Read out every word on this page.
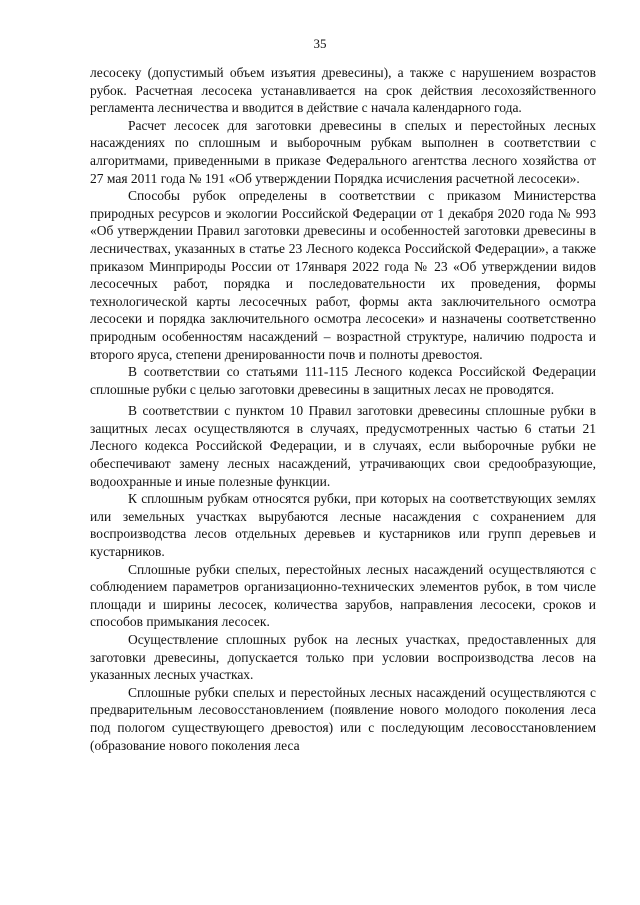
35

лесосеку (допустимый объем изъятия древесины), а также с нарушением возрастов рубок. Расчетная лесосека устанавливается на срок действия лесохозяйственного регламента лесничества и вводится в действие с начала календарного года.

Расчет лесосек для заготовки древесины в спелых и перестойных лесных насаждениях по сплошным и выборочным рубкам выполнен в соответствии с алгоритмами, приведенными в приказе Федерального агентства лесного хозяйства от 27 мая 2011 года № 191 «Об утверждении Порядка исчисления расчетной лесосеки».

Способы рубок определены в соответствии с приказом Министерства природных ресурсов и экологии Российской Федерации от 1 декабря 2020 года № 993 «Об утверждении Правил заготовки древесины и особенностей заготовки древесины в лесничествах, указанных в статье 23 Лесного кодекса Российской Федерации», а также приказом Минприроды России от 17января 2022 года № 23 «Об утверждении видов лесосечных работ, порядка и последовательности их проведения, формы технологической карты лесосечных работ, формы акта заключительного осмотра лесосеки и порядка заключительного осмотра лесосеки» и назначены соответственно природным особенностям насаждений – возрастной структуре, наличию подроста и второго яруса, степени дренированности почв и полноты древостоя.

В соответствии со статьями 111-115 Лесного кодекса Российской Федерации сплошные рубки с целью заготовки древесины в защитных лесах не проводятся.

В соответствии с пунктом 10 Правил заготовки древесины сплошные рубки в защитных лесах осуществляются в случаях, предусмотренных частью 6 статьи 21 Лесного кодекса Российской Федерации, и в случаях, если выборочные рубки не обеспечивают замену лесных насаждений, утрачивающих свои средообразующие, водоохранные и иные полезные функции.

К сплошным рубкам относятся рубки, при которых на соответствующих землях или земельных участках вырубаются лесные насаждения с сохранением для воспроизводства лесов отдельных деревьев и кустарников или групп деревьев и кустарников.

Сплошные рубки спелых, перестойных лесных насаждений осуществляются с соблюдением параметров организационно-технических элементов рубок, в том числе площади и ширины лесосек, количества зарубов, направления лесосеки, сроков и способов примыкания лесосек.

Осуществление сплошных рубок на лесных участках, предоставленных для заготовки древесины, допускается только при условии воспроизводства лесов на указанных лесных участках.

Сплошные рубки спелых и перестойных лесных насаждений осуществляются с предварительным лесовосстановлением (появление нового молодого поколения леса под пологом существующего древостоя) или с последующим лесовосстановлением (образование нового поколения леса
